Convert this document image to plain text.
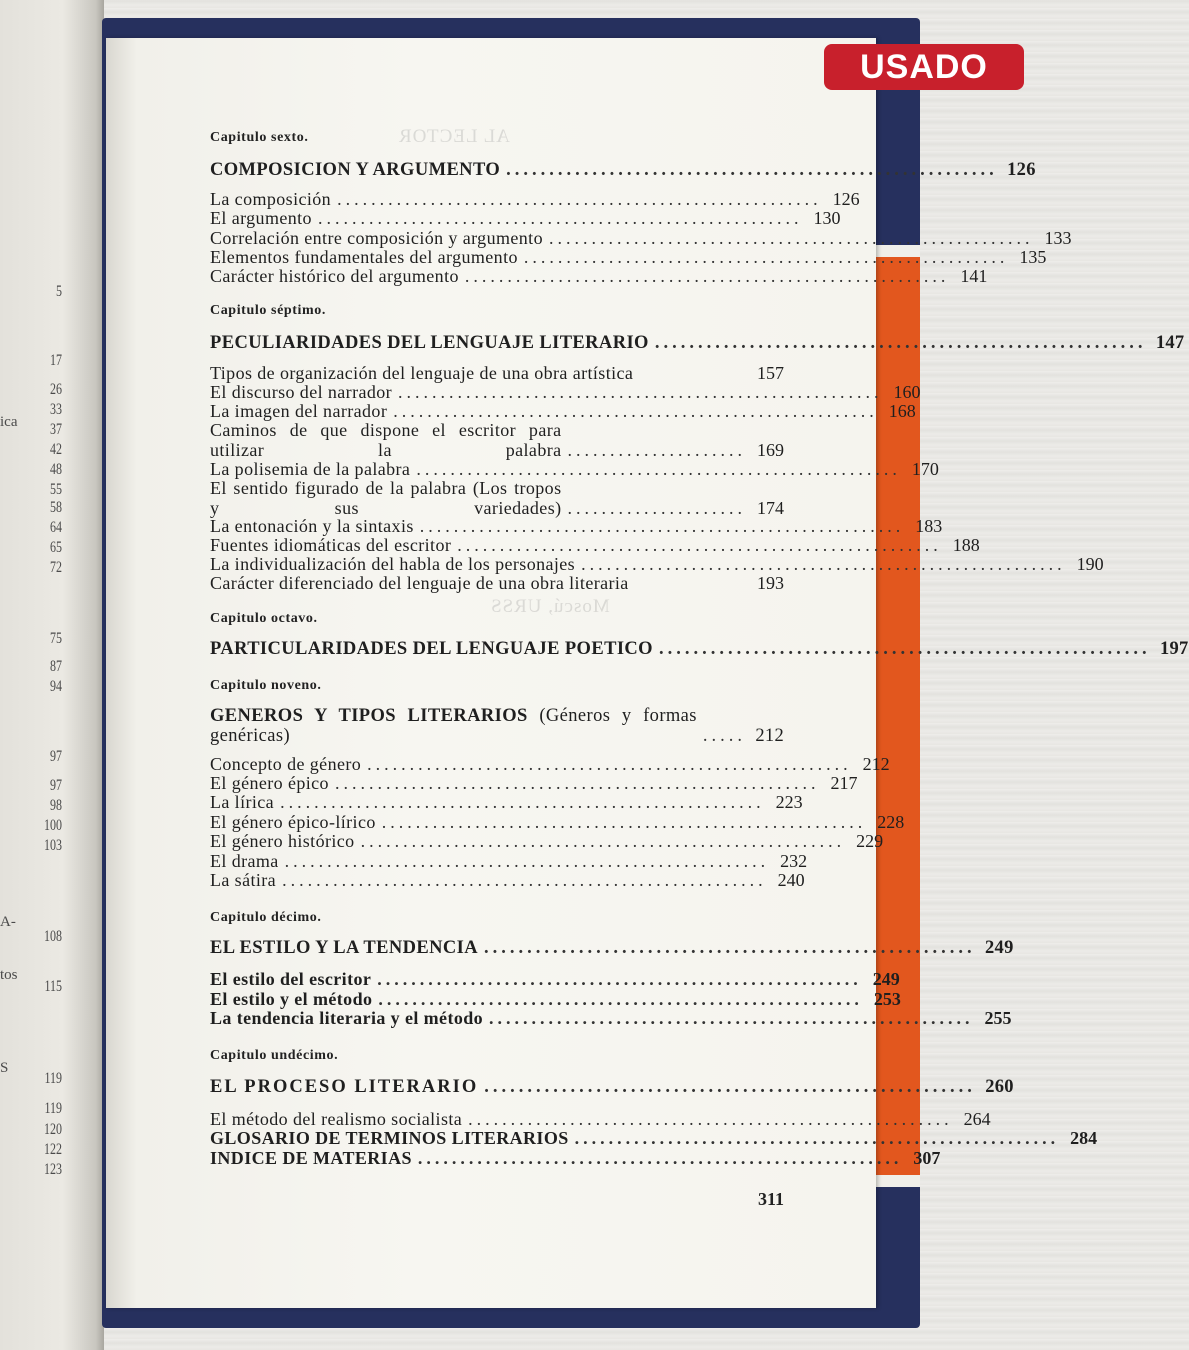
5
17
26
33
37
42
48
55
58
64
65
72
75
87
94
97
97
98
100
103
108
115
119
119
120
122
123
ica
A-
tos
S
AL LECTOR
Moscú, URSS
Capitulo sexto.
COMPOSICION Y ARGUMENTO ......................................................... 126
La composición ......................................................... 126
El argumento ......................................................... 130
Correlación entre composición y argumento ......................................................... 133
Elementos fundamentales del argumento ......................................................... 135
Carácter histórico del argumento ......................................................... 141
Capitulo séptimo.
PECULIARIDADES DEL LENGUAJE LITERARIO ......................................................... 147
Tipos de organización del lenguaje de una obra artística	157
El discurso del narrador ......................................................... 160
La imagen del narrador ......................................................... 168
Caminos de que dispone el escritor para utilizar la palabra ..................... 169
La polisemia de la palabra ......................................................... 170
El sentido figurado de la palabra (Los tropos y sus variedades) ..................... 174
La entonación y la sintaxis ......................................................... 183
Fuentes idiomáticas del escritor ......................................................... 188
La individualización del habla de los personajes ......................................................... 190
Carácter diferenciado del lenguaje de una obra literaria	193
Capitulo octavo.
PARTICULARIDADES DEL LENGUAJE POETICO ......................................................... 197
Capitulo noveno.
GENEROS Y TIPOS LITERARIOS (Géneros y formas genéricas)	..... 212
Concepto de género ......................................................... 212
El género épico ......................................................... 217
La lírica ......................................................... 223
El género épico-lírico ......................................................... 228
El género histórico ......................................................... 229
El drama ......................................................... 232
La sátira ......................................................... 240
Capitulo décimo.
EL ESTILO Y LA TENDENCIA ......................................................... 249
El estilo del escritor ......................................................... 249
El estilo y el método ......................................................... 253
La tendencia literaria y el método ......................................................... 255
Capitulo undécimo.
EL PROCESO LITERARIO ......................................................... 260
El método del realismo socialista ......................................................... 264
GLOSARIO DE TERMINOS LITERARIOS ......................................................... 284
INDICE DE MATERIAS ......................................................... 307
311
USADO
